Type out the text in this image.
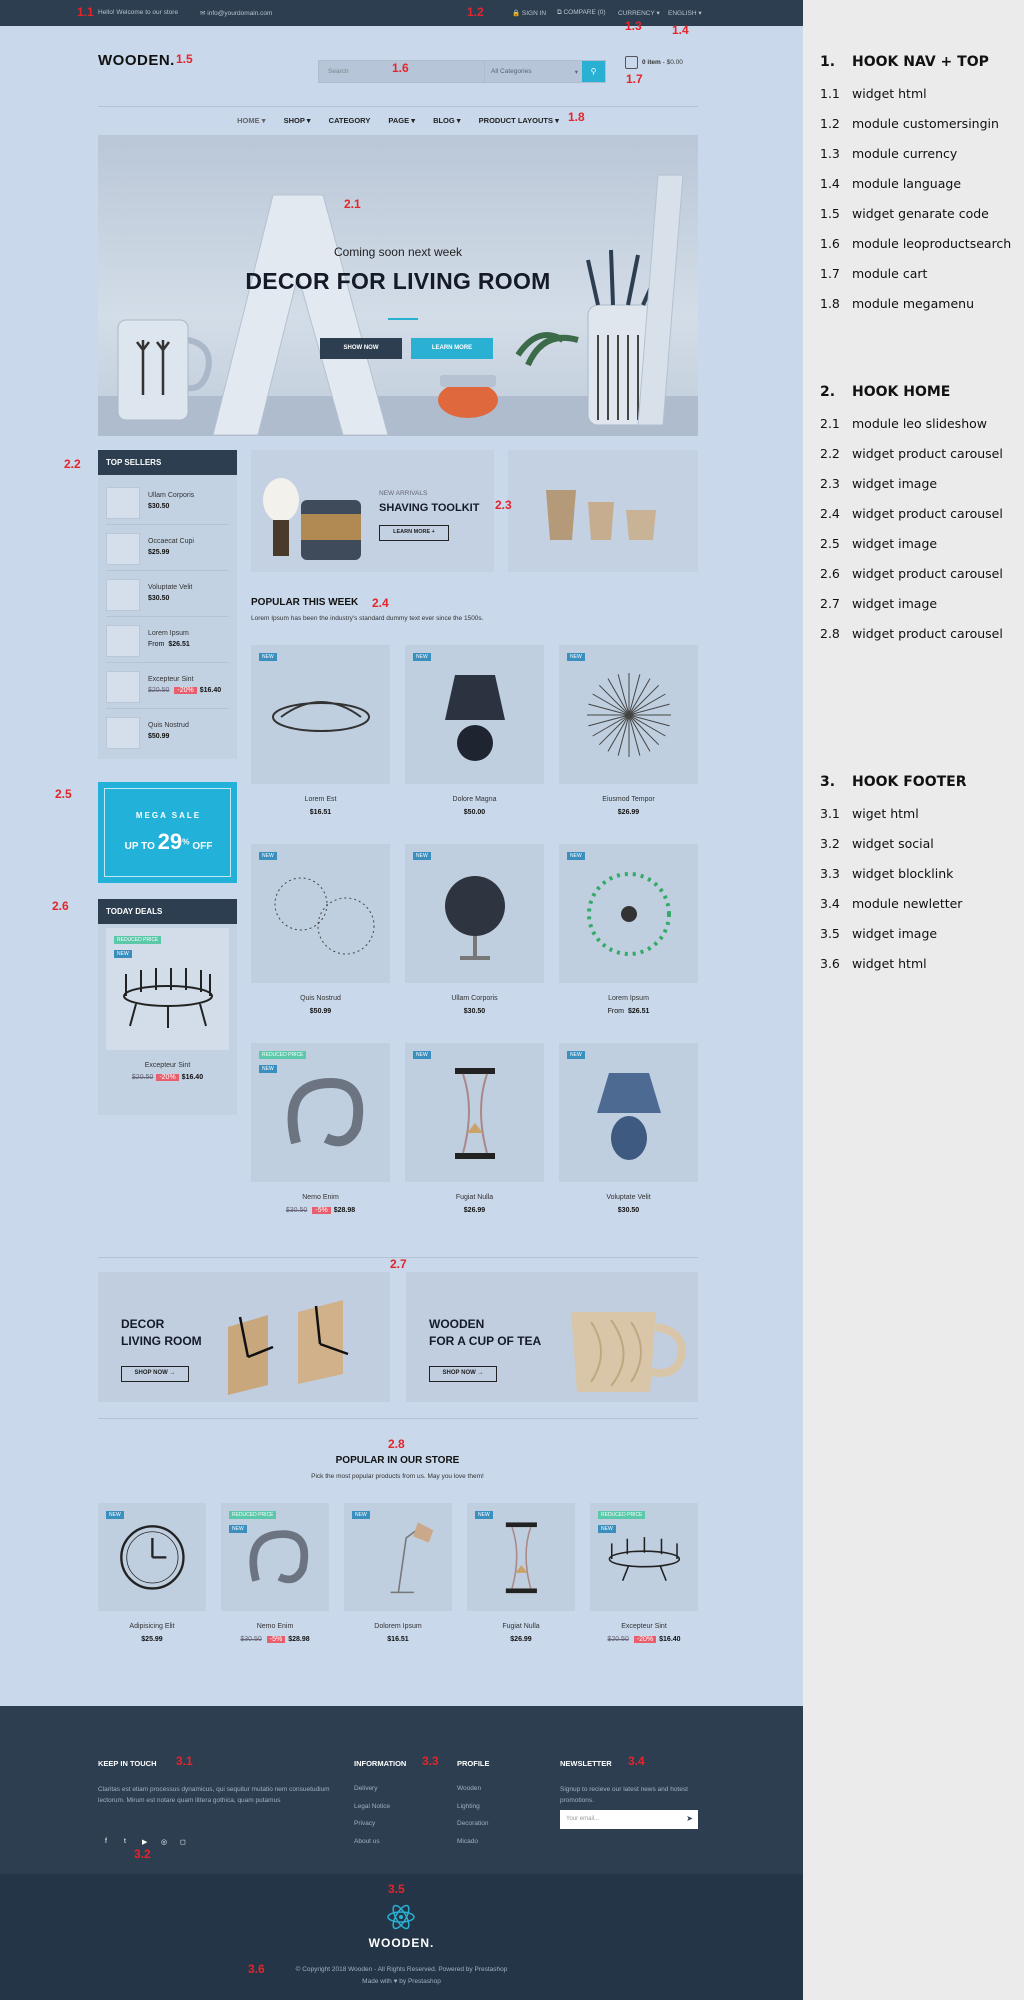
Hello! Welcome to our store	✉ info@yourdomain.com	🔒 SIGN IN ⧉ COMPARE (0) CURRENCY ▾ ENGLISH ▾
WOODEN.
Search	All Categories	▾	⚲
0 item - $0.00
HOME ▾ SHOP ▾ CATEGORY PAGE ▾ BLOG ▾ PRODUCT LAYOUTS ▾
Coming soon next week
DECOR FOR LIVING ROOM
SHOW NOW	LEARN MORE
TOP SELLERS
Ullam Corporis
$30.50
Occaecat Cupi
$25.99
Voluptate Velit
$30.50
Lorem Ipsum
From $26.51
Excepteur Sint
$20.50 -20% $16.40
Quis Nostrud
$50.99
MEGA SALE
UP TO 29% OFF
TODAY DEALS
REDUCED PRICE
NEW
Excepteur Sint
$20.50 -20% $16.40
NEW ARRIVALS
SHAVING TOOLKIT
LEARN MORE +
POPULAR THIS WEEK
Lorem Ipsum has been the industry's standard dummy text ever since the 1500s.
NEW
Lorem Est
$16.51
NEW
Dolore Magna
$50.00
NEW
Eiusmod Tempor
$26.99
NEW
Quis Nostrud
$50.99
NEW
Ullam Corporis
$30.50
NEW
Lorem Ipsum
From $26.51
REDUCED PRICE
NEW
Nemo Enim
$30.50 -5% $28.98
NEW
Fugiat Nulla
$26.99
NEW
Voluptate Velit
$30.50
DECOR
LIVING ROOM
SHOP NOW →
WOODEN
FOR A CUP OF TEA
SHOP NOW →
POPULAR IN OUR STORE
Pick the most popular products from us. May you love them!
NEW
Adipisicing Elit
$25.99
REDUCED PRICE
NEW
Nemo Enim
$30.50 -5% $28.98
NEW
Dolorem Ipsum
$16.51
NEW
Fugiat Nulla
$26.99
REDUCED PRICE
NEW
Excepteur Sint
$20.50 -20% $16.40
KEEP IN TOUCH
Claritas est etiam processus dynamicus, qui sequitur mutatio nem consuetudium lectorum. Mirum est notare quam littera gothica, quam putamus
f t ▶ ◎ ◻
INFORMATION
Delivery
Legal Notice
Privacy
About us
PROFILE
Wooden
Lighting
Decoration
Micado
NEWSLETTER
Signup to recieve our latest news and hotest promotions.
Your email...	➤
WOODEN.
© Copyright 2018 Wooden - All Rights Reserved. Powered by Prestashop
Made with ♥ by Prestashop
1.1	1.2
1.3	1.4
1.5
1.6
1.7
1.8
2.1
2.2
2.3
2.4
2.5
2.6
2.7
2.8
3.1
3.2
3.3	3.4
3.5
3.6
1. HOOK NAV + TOP
1.1 widget html
1.2 module customersingin
1.3 module currency
1.4 module language
1.5 widget genarate code
1.6 module leoproductsearch
1.7 module cart
1.8 module megamenu
2. HOOK HOME
2.1 module leo slideshow
2.2 widget product carousel
2.3 widget image
2.4 widget product carousel
2.5 widget image
2.6 widget product carousel
2.7 widget image
2.8 widget product carousel
3. HOOK FOOTER
3.1 wiget html
3.2 widget social
3.3 widget blocklink
3.4 module newletter
3.5 widget image
3.6 widget html
